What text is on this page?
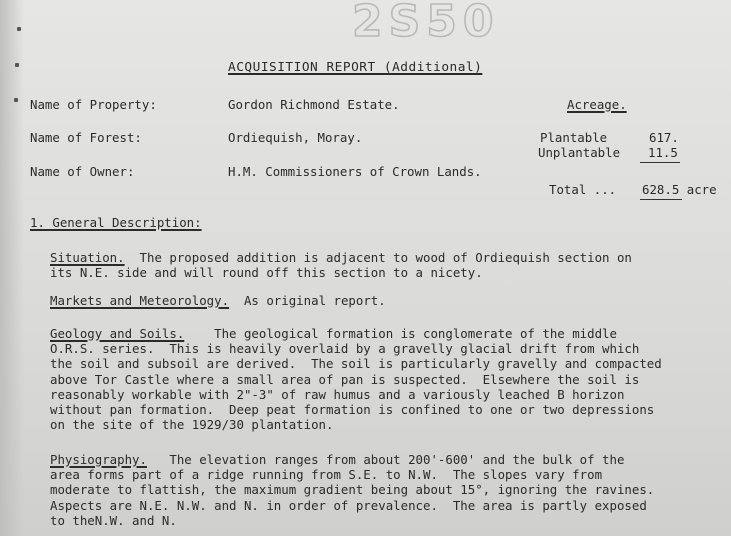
2S50
ACQUISITION REPORT (Additional)
Name of Property:	Gordon Richmond Estate.	Acreage.
Name of Forest:	Ordiequish, Moray.	Plantable	617.
Unplantable 11.5
Name of Owner:	H.M. Commissioners of Crown Lands.
Total ... 628.5 acre
1. General Description:
Situation. The proposed addition is adjacent to wood of Ordiequish section on
its N.E. side and will round off this section to a nicety.
Markets and Meteorology. As original report.
Geology and Soils. The geological formation is conglomerate of the middle
O.R.S. series.  This is heavily overlaid by a gravelly glacial drift from which
the soil and subsoil are derived.  The soil is particularly gravelly and compacted
above Tor Castle where a small area of pan is suspected.  Elsewhere the soil is
reasonably workable with 2"-3" of raw humus and a variously leached B horizon
without pan formation.  Deep peat formation is confined to one or two depressions
on the site of the 1929/30 plantation.
Physiography. The elevation ranges from about 200'-600' and the bulk of the
area forms part of a ridge running from S.E. to N.W.  The slopes vary from
moderate to flattish, the maximum gradient being about 15°, ignoring the ravines.
Aspects are N.E. N.W. and N. in order of prevalence.  The area is partly exposed
to theN.W. and N.
